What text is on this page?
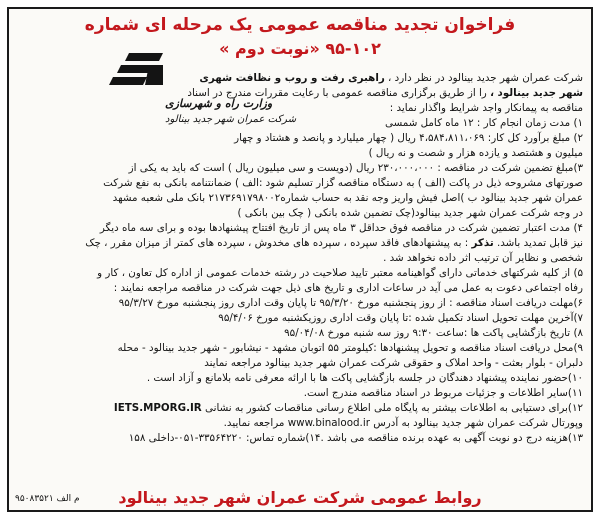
فراخوان تجدید مناقصه عمومی یک مرحله ای شماره
۹۵-۱۰۲ «نوبت دوم »
وزارت راه و شهرسازی
شرکت عمران شهر جدید بینالود
شرکت عمران شهر جدید بینالود در نظر دارد ، راهبری رفت و روب و نظافت شهری
شهر جدید بینالود ، را از طریق برگزاری مناقصه عمومی با رعایت مقررات مندرج در اسناد
مناقصه به پیمانکار واجد شرایط واگذار نماید :
۱) مدت زمان انجام کار : ۱۲ ماه کامل شمسی
۲) مبلغ برآورد کل کار: ۴،۵۸۴،۸۱۱،۰۶۹ ریال ( چهار میلیارد و پانصد و هشتاد و چهار
میلیون و هشتصد و یازده هزار و شصت و نه ریال )
۳)مبلغ تضمین شرکت در مناقصه : ۲۳۰،۰۰۰،۰۰۰ ریال (دویست و سی میلیون ریال ) است که باید به یکی از
صورتهای مشروحه ذیل در پاکت (الف ) به دستگاه مناقصه گزار تسلیم شود :الف ) ضمانتنامه بانکی به نفع شرکت
عمران شهر جدید بینالود ب )اصل فیش واریز وجه نقد به حساب شماره۲۱۷۳۶۹۱۷۹۸۰۰۲ بانک ملی شعبه مشهد
در وجه شرکت عمران شهر جدید بینالود(چک تضمین شده بانکی ( چک بین بانکی )
۴) مدت اعتبار تضمین شرکت در مناقصه فوق حداقل ۳ ماه پس از تاریخ افتتاح پیشنهادها بوده و برای سه ماه دیگر
نیز قابل تمدید باشد. تذکر : به پیشنهادهای فاقد سپرده ، سپرده های مخدوش ، سپرده های کمتر از میزان مقرر ، چک
شخصی و نظایر آن ترتیب اثر داده نخواهد شد .
۵) از کلیه شرکتهای خدماتی دارای گواهینامه معتبر تایید صلاحیت در رشته خدمات عمومی از اداره کل تعاون ، کار و
رفاه اجتماعی دعوت به عمل می آید در ساعات اداری و تاریخ های ذیل جهت شرکت در مناقصه مراجعه نمایند :
۶)مهلت دریافت اسناد مناقصه : از روز پنجشنبه مورخ ۹۵/۳/۲۰ تا پایان وقت اداری روز پنجشنبه مورخ ۹۵/۳/۲۷
۷)آخرین مهلت تحویل اسناد تکمیل شده :تا پایان وقت اداری روزیکشنبه مورخ ۹۵/۴/۰۶
۸) تاریخ بازگشایی پاکت ها :ساعت ۹:۳۰ روز سه شنبه مورخ ۹۵/۰۴/۰۸
۹)محل دریافت اسناد مناقصه و تحویل پیشنهادها :کیلومتر ۵۵ اتوبان مشهد - نیشابور - شهر جدید بینالود - محله
دلبران - بلوار بعثت - واحد املاک و حقوقی شرکت عمران شهر جدید بینالود مراجعه نمایند
۱۰)حضور نماینده پیشنهاد دهندگان در جلسه بازگشایی پاکت ها با ارائه معرفی نامه بلامانع و آزاد است .
۱۱)سایر اطلاعات و جزئیات مربوط در اسناد مناقصه مندرج است.
۱۲)برای دستیابی به اطلاعات بیشتر به پایگاه ملی اطلاع رسانی مناقصات کشور به نشانی IETS.MPORG.IR
وپورتال شرکت عمران شهر جدید بینالود به آدرس www.binalood.ir مراجعه نمایید.
۱۳)هزینه درج دو نوبت آگهی به عهده برنده مناقصه می باشد .۱۴)شماره تماس: ۳۳۵۶۴۲۲۰-۰۵۱-داخلی ۱۵۸
روابط عمومی شرکت عمران شهر جدید بینالود
م الف ۹۵۰۸۳۵۲۱
